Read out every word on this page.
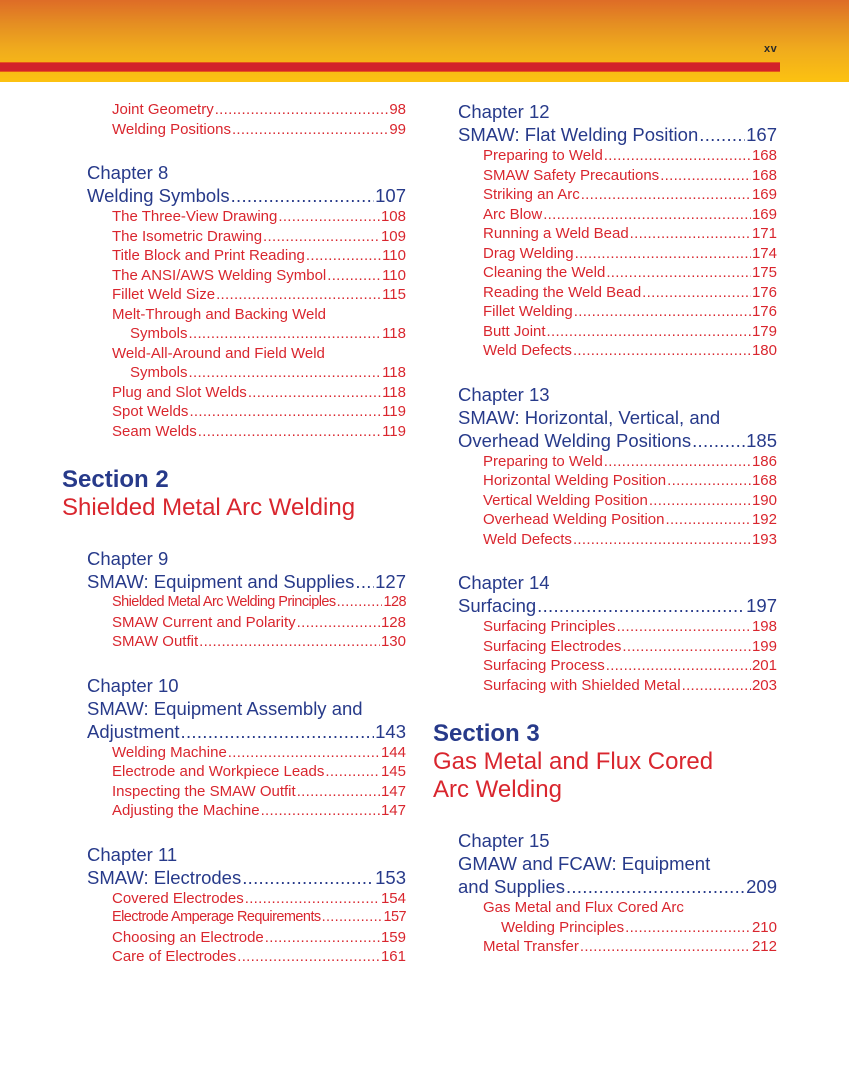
xv
Joint Geometry .....	98
Welding Positions .....	99
Chapter 8
Welding Symbols .....	107
The Three-View Drawing .....	108
The Isometric Drawing .....	109
Title Block and Print Reading .....	110
The ANSI/AWS Welding Symbol .....	110
Fillet Weld Size .....	115
Melt-Through and Backing Weld
Symbols .....	118
Weld-All-Around and Field Weld
Symbols .....	118
Plug and Slot Welds .....	118
Spot Welds .....	119
Seam Welds .....	119
Section 2
Shielded Metal Arc Welding
Chapter 9
SMAW: Equipment and Supplies ..... 127
Shielded Metal Arc Welding Principles .....	128
SMAW Current and Polarity .....	128
SMAW Outfit .....	130
Chapter 10
SMAW: Equipment Assembly and
Adjustment .....	143
Welding Machine .....	144
Electrode and Workpiece Leads .....	145
Inspecting the SMAW Outfit .....	147
Adjusting the Machine .....	147
Chapter 11
SMAW: Electrodes .....	153
Covered Electrodes .....	154
Electrode Amperage Requirements .....	157
Choosing an Electrode .....	159
Care of Electrodes .....	161
Chapter 12
SMAW: Flat Welding Position .....	167
Preparing to Weld .....	168
SMAW Safety Precautions .....	168
Striking an Arc .....	169
Arc Blow .....	169
Running a Weld Bead .....	171
Drag Welding .....	174
Cleaning the Weld .....	175
Reading the Weld Bead .....	176
Fillet Welding .....	176
Butt Joint .....	179
Weld Defects .....	180
Chapter 13
SMAW: Horizontal, Vertical, and
Overhead Welding Positions .....	185
Preparing to Weld .....	186
Horizontal Welding Position .....	168
Vertical Welding Position .....	190
Overhead Welding Position .....	192
Weld Defects .....	193
Chapter 14
Surfacing .....	197
Surfacing Principles .....	198
Surfacing Electrodes .....	199
Surfacing Process .....	201
Surfacing with Shielded Metal .....	203
Section 3
Gas Metal and Flux Cored
Arc Welding
Chapter 15
GMAW and FCAW: Equipment
and Supplies .....	209
Gas Metal and Flux Cored Arc
Welding Principles .....	210
Metal Transfer .....	212
